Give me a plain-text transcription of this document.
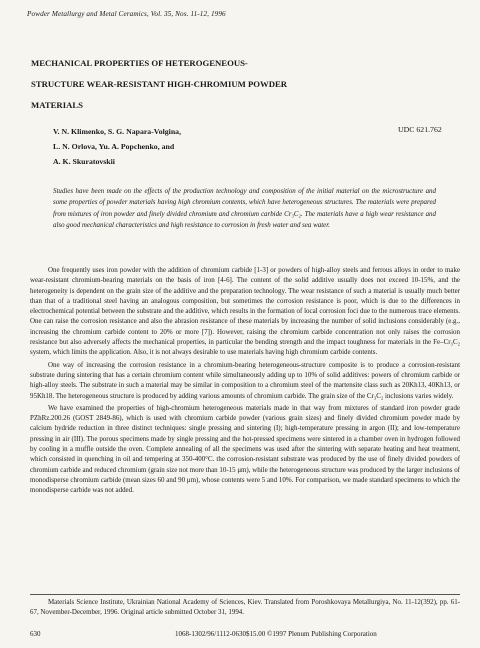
Powder Metallurgy and Metal Ceramics, Vol. 35, Nos. 11-12, 1996
MECHANICAL PROPERTIES OF HETEROGENEOUS-
STRUCTURE WEAR-RESISTANT HIGH-CHROMIUM POWDER
MATERIALS
V. N. Klimenko, S. G. Napara-Volgina,
L. N. Orlova, Yu. A. Popchenko, and
A. K. Skuratovskii
UDC 621.762
Studies have been made on the effects of the production technology and composition of the initial material on the microstructure and some properties of powder materials having high chromium contents, which have heterogeneous structures. The materials were prepared from mixtures of iron powder and finely divided chromium and chromium carbide Cr₃C₂. The materials have a high wear resistance and also good mechanical characteristics and high resistance to corrosion in fresh water and sea water.

One frequently uses iron powder with the addition of chromium carbide [1-3] or powders of high-alloy steels and ferrous alloys in order to make wear-resistant chromium-bearing materials on the basis of iron [4-6]. The content of the solid additive usually does not exceed 10-15%, and the heterogeneity is dependent on the grain size of the additive and the preparation technology. The wear resistance of such a material is usually much better than that of a traditional steel having an analogous composition, but sometimes the corrosion resistance is poor, which is due to the differences in electrochemical potential between the substrate and the additive, which results in the formation of local corrosion foci due to the numerous trace elements. One can raise the corrosion resistance and also the abrasion resistance of these materials by increasing the number of solid inclusions considerably (e.g., increasing the chromium carbide content to 20% or more [7]). However, raising the chromium carbide concentration not only raises the corrosion resistance but also adversely affects the mechanical properties, in particular the bending strength and the impact toughness for materials in the Fe–Cr₃C₂ system, which limits the application. Also, it is not always desirable to use materials having high chromium carbide contents.

One way of increasing the corrosion resistance in a chromium-bearing heterogeneous-structure composite is to produce a corrosion-resistant substrate during sintering that has a certain chromium content while simultaneously adding up to 10% of solid additives: powers of chromium carbide or high-alloy steels. The substrate in such a material may be similar in composition to a chromium steel of the martensite class such as 20Kh13, 40Kh13, or 95Kh18. The heterogeneous structure is produced by adding various amounts of chromium carbide. The grain size of the Cr₃C₂ inclusions varies widely.

We have examined the properties of high-chromium heterogeneous materials made in that way from mixtures of standard iron powder grade PZhRz.200.26 (GOST 2849-86), which is used with chromium carbide powder (various grain sizes) and finely divided chromium powder made by calcium hydride reduction in three distinct techniques: single pressing and sintering (I); high-temperature pressing in argon (II); and low-temperature pressing in air (III). The porous specimens made by single pressing and the hot-pressed specimens were sintered in a chamber oven in hydrogen followed by cooling in a muffle outside the oven. Complete annealing of all the specimens was used after the sintering with separate heating and heat treatment, which consisted in quenching in oil and tempering at 350-400°C. the corrosion-resistant substrate was produced by the use of finely divided powders of chromium carbide and reduced chromium (grain size not more than 10-15 μm), while the heterogeneous structure was produced by the larger inclusions of monodisperse chromium carbide (mean sizes 60 and 90 μm), whose contents were 5 and 10%. For comparison, we made standard specimens to which the monodisperse carbide was not added.

Materials Science Institute, Ukrainian National Academy of Sciences, Kiev. Translated from Poroshkovaya Metallurgiya, No. 11-12(392), pp. 61-67, November-December, 1996. Original article submitted October 31, 1994.
630	1068-1302/96/1112-0630$15.00 ©1997 Plenum Publishing Corporation
